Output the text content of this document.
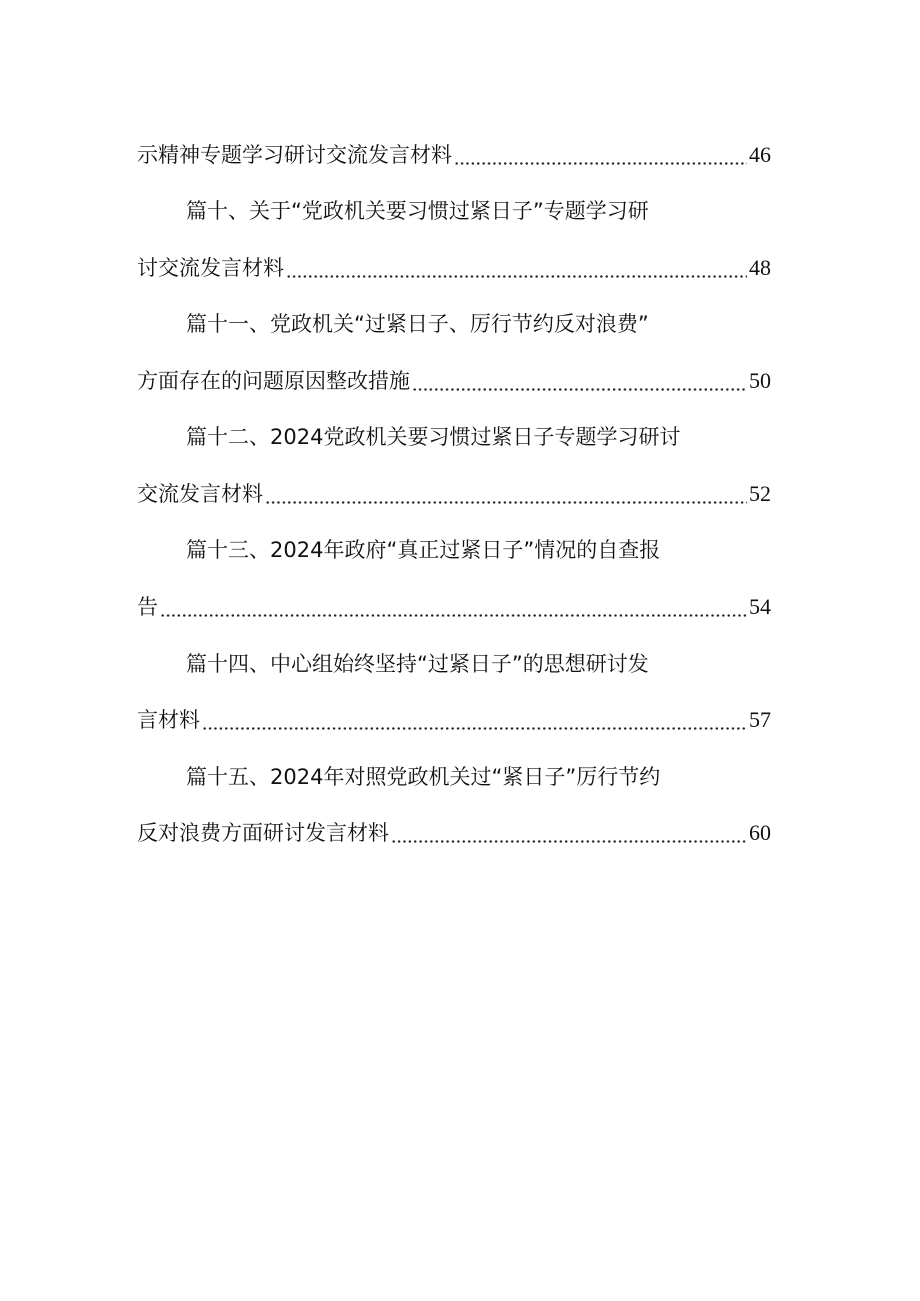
示精神专题学习研讨交流发言材料	46
篇十、关于“党政机关要习惯过紧日子”专题学习研
讨交流发言材料	48
篇十一、党政机关“过紧日子、厉行节约反对浪费”
方面存在的问题原因整改措施	50
篇十二、2024党政机关要习惯过紧日子专题学习研讨
交流发言材料	52
篇十三、2024年政府“真正过紧日子”情况的自查报
告	54
篇十四、中心组始终坚持“过紧日子”的思想研讨发
言材料	57
篇十五、2024年对照党政机关过“紧日子”厉行节约
反对浪费方面研讨发言材料	60
